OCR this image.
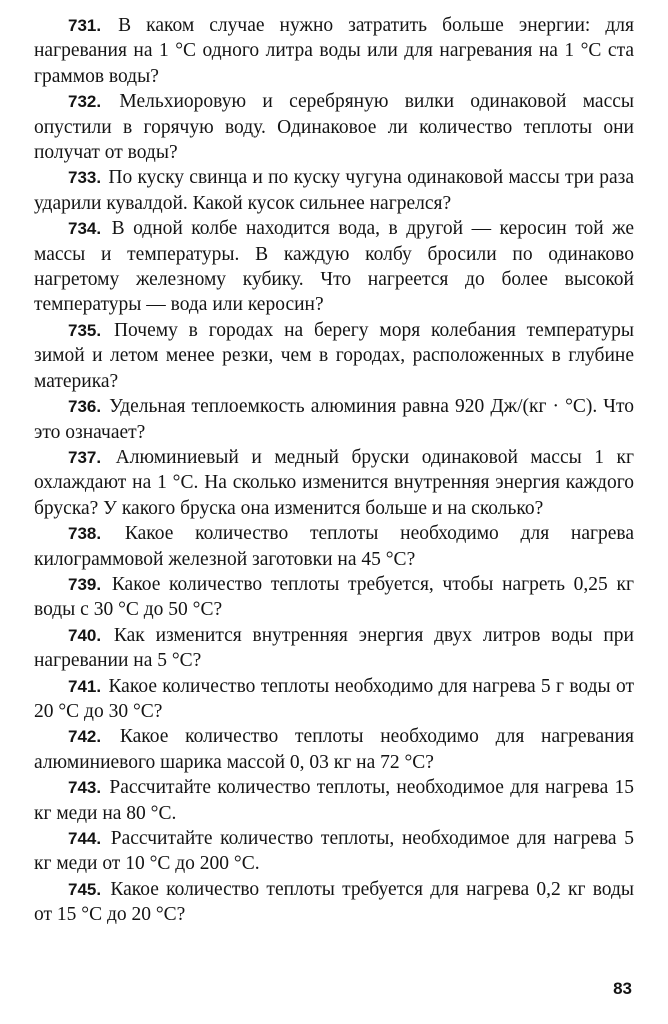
731. В каком случае нужно затратить больше энергии: для нагревания на 1 °С одного литра воды или для нагревания на 1 °С ста граммов воды?

732. Мельхиоровую и серебряную вилки одинаковой массы опустили в горячую воду. Одинаковое ли количество теплоты они получат от воды?

733. По куску свинца и по куску чугуна одинаковой массы три раза ударили кувалдой. Какой кусок сильнее нагрелся?

734. В одной колбе находится вода, в другой — керосин той же массы и температуры. В каждую колбу бросили по одинаково нагретому железному кубику. Что нагреется до более высокой температуры — вода или керосин?

735. Почему в городах на берегу моря колебания температуры зимой и летом менее резки, чем в городах, расположенных в глубине материка?

736. Удельная теплоемкость алюминия равна 920 Дж/(кг · °С). Что это означает?

737. Алюминиевый и медный бруски одинаковой массы 1 кг охлаждают на 1 °С. На сколько изменится внутренняя энергия каждого бруска? У какого бруска она изменится больше и на сколько?

738. Какое количество теплоты необходимо для нагрева килограммовой железной заготовки на 45 °С?

739. Какое количество теплоты требуется, чтобы нагреть 0,25 кг воды с 30 °С до 50 °С?

740. Как изменится внутренняя энергия двух литров воды при нагревании на 5 °С?

741. Какое количество теплоты необходимо для нагрева 5 г воды от 20 °С до 30 °С?

742. Какое количество теплоты необходимо для нагревания алюминиевого шарика массой 0, 03 кг на 72 °С?

743. Рассчитайте количество теплоты, необходимое для нагрева 15 кг меди на 80 °С.

744. Рассчитайте количество теплоты, необходимое для нагрева 5 кг меди от 10 °С до 200 °С.

745. Какое количество теплоты требуется для нагрева 0,2 кг воды от 15 °С до 20 °С?

83
